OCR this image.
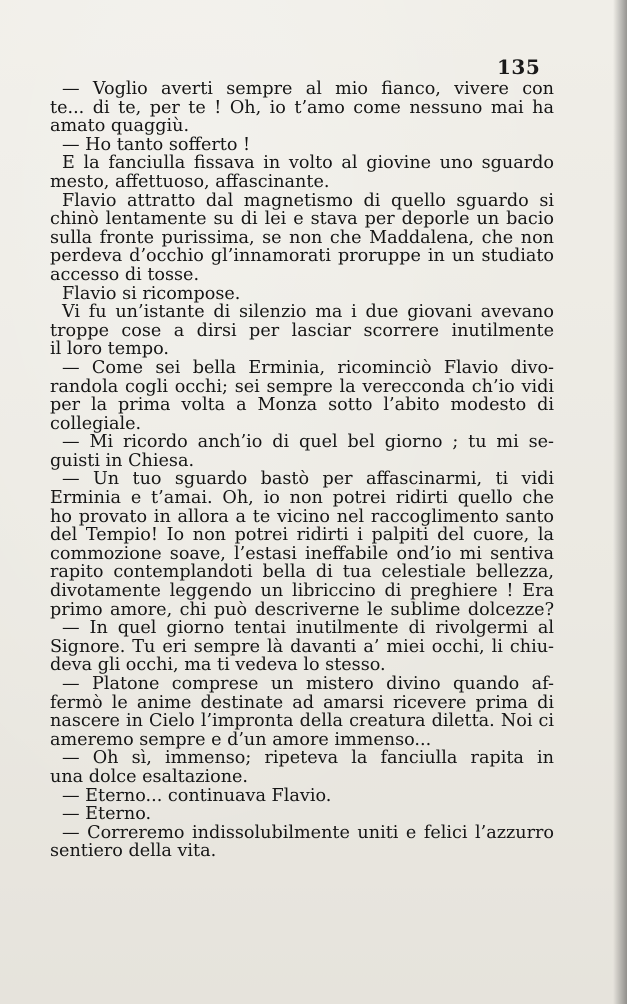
135
— Voglio averti sempre al mio fianco, vivere con
te... di te, per te ! Oh, io t’amo come nessuno mai ha
amato quaggiù.
— Ho tanto sofferto !
E la fanciulla fissava in volto al giovine uno sguardo
mesto, affettuoso, affascinante.
Flavio attratto dal magnetismo di quello sguardo si
chinò lentamente su di lei e stava per deporle un bacio
sulla fronte purissima, se non che Maddalena, che non
perdeva d’occhio gl’innamorati proruppe in un studiato
accesso di tosse.
Flavio si ricompose.
Vi fu un’istante di silenzio ma i due giovani avevano
troppe cose a dirsi per lasciar scorrere inutilmente
il loro tempo.
— Come sei bella Erminia, ricominciò Flavio divo-
randola cogli occhi; sei sempre la verecconda ch’io vidi
per la prima volta a Monza sotto l’abito modesto di
collegiale.
— Mi ricordo anch’io di quel bel giorno ; tu mi se-
guisti in Chiesa.
— Un tuo sguardo bastò per affascinarmi, ti vidi
Erminia e t’amai. Oh, io non potrei ridirti quello che
ho provato in allora a te vicino nel raccoglimento santo
del Tempio! Io non potrei ridirti i palpiti del cuore, la
commozione soave, l’estasi ineffabile ond’io mi sentiva
rapito contemplandoti bella di tua celestiale bellezza,
divotamente leggendo un libriccino di preghiere ! Era
primo amore, chi può descriverne le sublime dolcezze?
— In quel giorno tentai inutilmente di rivolgermi al
Signore. Tu eri sempre là davanti a’ miei occhi, li chiu-
deva gli occhi, ma ti vedeva lo stesso.
— Platone comprese un mistero divino quando af-
fermò le anime destinate ad amarsi ricevere prima di
nascere in Cielo l’impronta della creatura diletta. Noi ci
ameremo sempre e d’un amore immenso...
— Oh sì, immenso; ripeteva la fanciulla rapita in
una dolce esaltazione.
— Eterno... continuava Flavio.
— Eterno.
— Correremo indissolubilmente uniti e felici l’azzurro
sentiero della vita.
